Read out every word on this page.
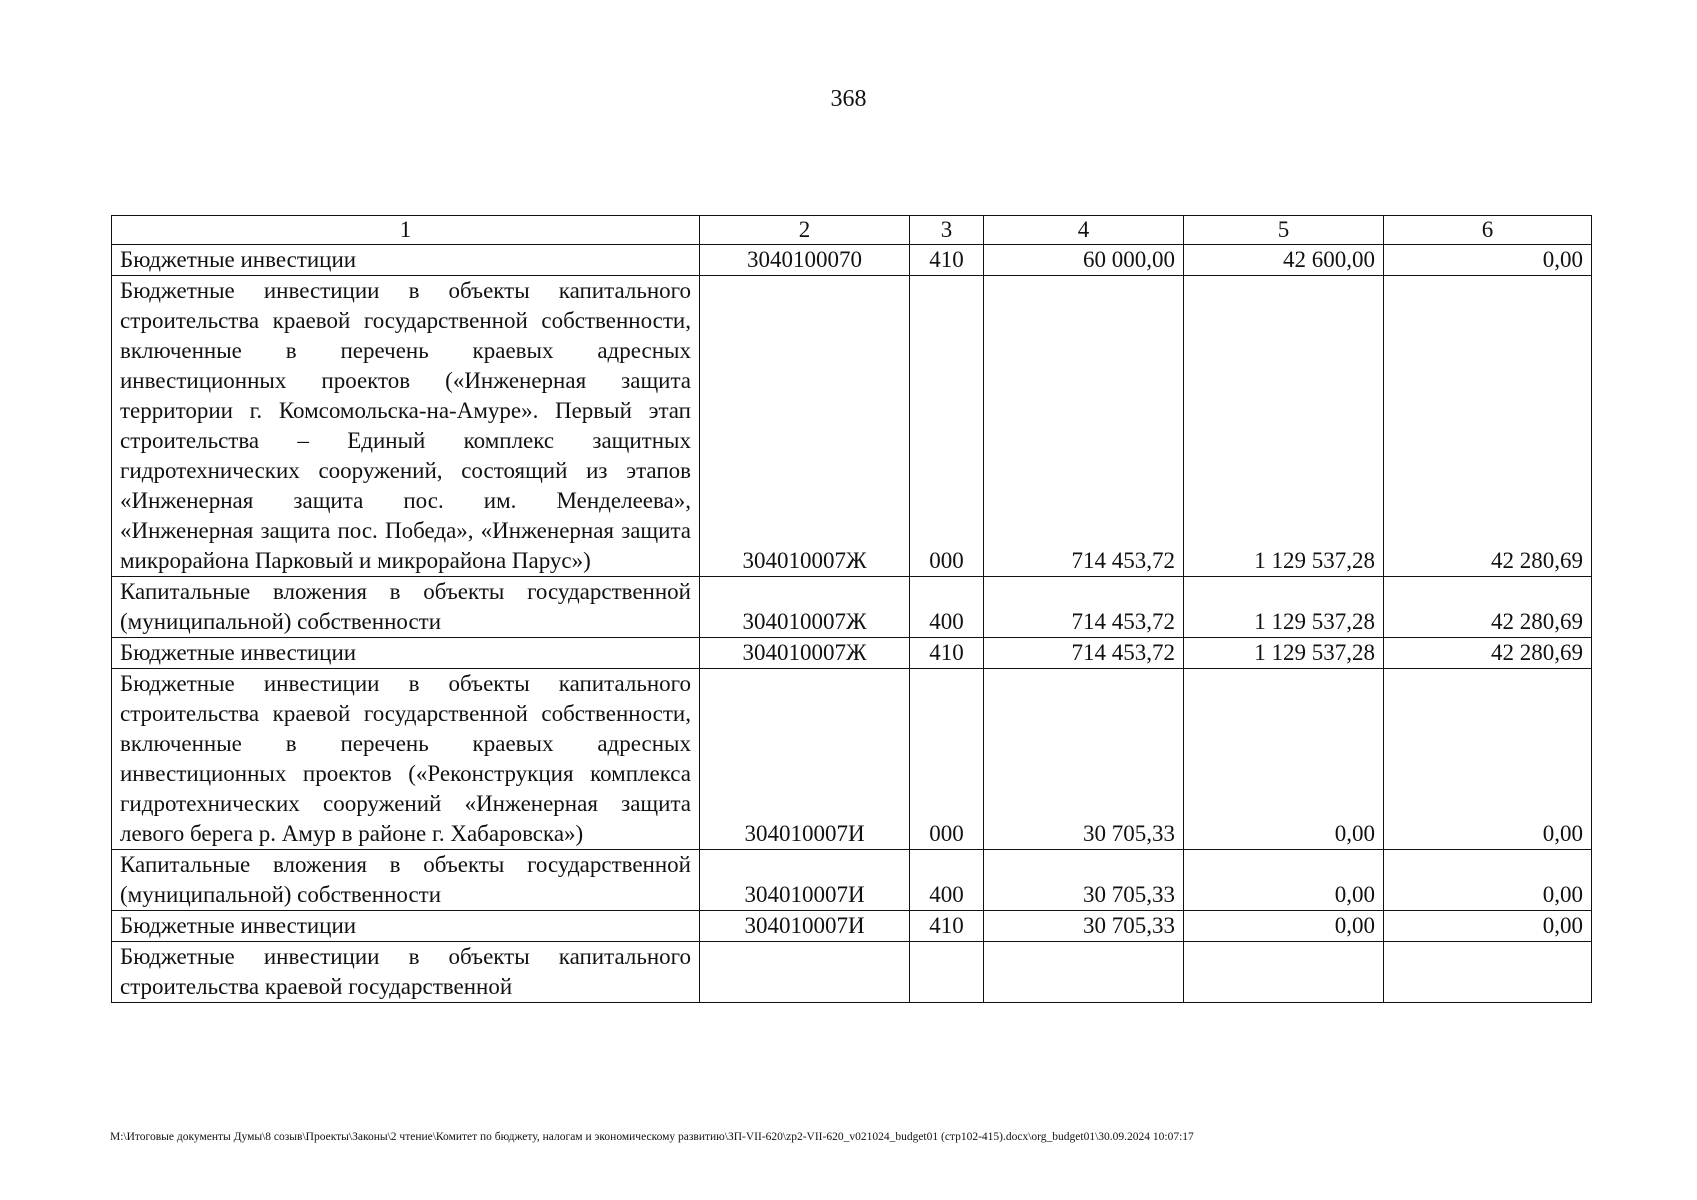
368
1	2	3	4	5	6
Бюджетные инвестиции	3040100070	410	60 000,00	42 600,00	0,00
Бюджетные инвестиции в объекты капитального строительства краевой государственной собственности, включенные в перечень краевых адресных инвестиционных проектов («Инженерная защита территории г. Комсомольска-на-Амуре». Первый этап строительства – Единый комплекс защитных гидротехнических сооружений, состоящий из этапов «Инженерная защита пос. им. Менделеева», «Инженерная защита пос. Победа», «Инженерная защита микрорайона Парковый и микрорайона Парус»)	304010007Ж	000	714 453,72	1 129 537,28	42 280,69
Капитальные вложения в объекты государственной (муниципальной) собственности	304010007Ж	400	714 453,72	1 129 537,28	42 280,69
Бюджетные инвестиции	304010007Ж	410	714 453,72	1 129 537,28	42 280,69
Бюджетные инвестиции в объекты капитального строительства краевой государственной собственности, включенные в перечень краевых адресных инвестиционных проектов («Реконструкция комплекса гидротехнических сооружений «Инженерная защита левого берега р. Амур в районе г. Хабаровска»)	304010007И	000	30 705,33	0,00	0,00
Капитальные вложения в объекты государственной (муниципальной) собственности	304010007И	400	30 705,33	0,00	0,00
Бюджетные инвестиции	304010007И	410	30 705,33	0,00	0,00
Бюджетные инвестиции в объекты капитального строительства краевой государственной					
М:\Итоговые документы Думы\8 созыв\Проекты\Законы\2 чтение\Комитет по бюджету, налогам и экономическому развитию\ЗП-VII-620\zp2-VII-620_v021024_budget01 (стр102-415).docx\org_budget01\30.09.2024 10:07:17
